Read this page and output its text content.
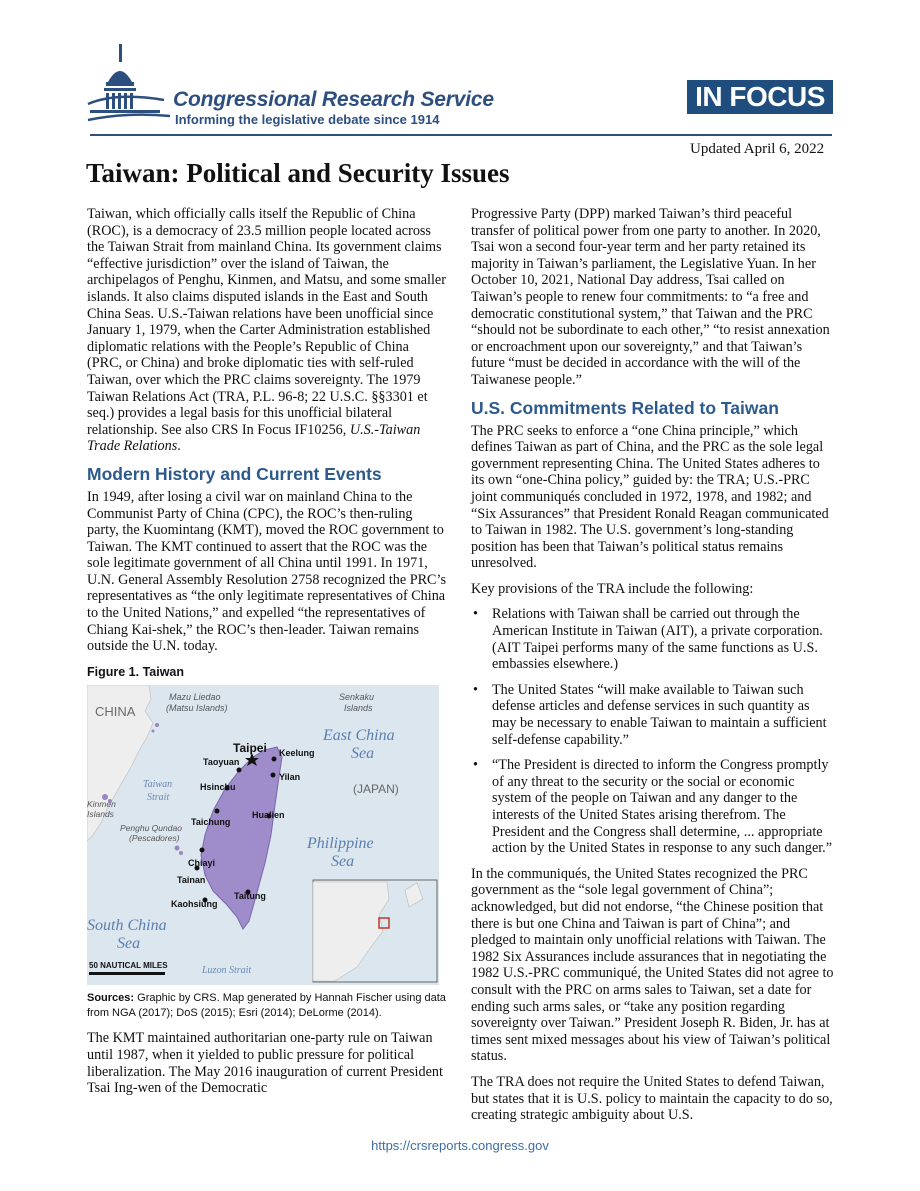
Congressional Research Service
Informing the legislative debate since 1914
IN FOCUS
Updated April 6, 2022
Taiwan: Political and Security Issues

Taiwan, which officially calls itself the Republic of China (ROC), is a democracy of 23.5 million people located across the Taiwan Strait from mainland China. Its government claims “effective jurisdiction” over the island of Taiwan, the archipelagos of Penghu, Kinmen, and Matsu, and some smaller islands. It also claims disputed islands in the East and South China Seas. U.S.-Taiwan relations have been unofficial since January 1, 1979, when the Carter Administration established diplomatic relations with the People’s Republic of China (PRC, or China) and broke diplomatic ties with self-ruled Taiwan, over which the PRC claims sovereignty. The 1979 Taiwan Relations Act (TRA, P.L. 96-8; 22 U.S.C. §§3301 et seq.) provides a legal basis for this unofficial bilateral relationship. See also CRS In Focus IF10256, U.S.-Taiwan Trade Relations.

Modern History and Current Events

In 1949, after losing a civil war on mainland China to the Communist Party of China (CPC), the ROC’s then-ruling party, the Kuomintang (KMT), moved the ROC government to Taiwan. The KMT continued to assert that the ROC was the sole legitimate government of all China until 1991. In 1971, U.N. General Assembly Resolution 2758 recognized the PRC’s representatives as “the only legitimate representatives of China to the United Nations,” and expelled “the representatives of Chiang Kai-shek,” the ROC’s then-leader. Taiwan remains outside the U.N. today.

Figure 1. Taiwan
CHINA
Mazu Liedao
(Matsu Islands)
Senkaku
Islands
East China
Sea
(JAPAN)
Taipei Keelung
Taoyuan
Yilan
Hsinchu
Taiwan
Strait
Kinmen
Islands	Hualien
Taichung
Penghu Qundao
(Pescadores)	Philippine
Sea
Chiayi
Tainan
Taitung
Kaohsiung
South China
Sea
50 NAUTICAL MILES	Luzon Strait
Sources: Graphic by CRS. Map generated by Hannah Fischer using data from NGA (2017); DoS (2015); Esri (2014); DeLorme (2014).

The KMT maintained authoritarian one-party rule on Taiwan until 1987, when it yielded to public pressure for political liberalization. The May 2016 inauguration of current President Tsai Ing-wen of the Democratic

Progressive Party (DPP) marked Taiwan’s third peaceful transfer of political power from one party to another. In 2020, Tsai won a second four-year term and her party retained its majority in Taiwan’s parliament, the Legislative Yuan. In her October 10, 2021, National Day address, Tsai called on Taiwan’s people to renew four commitments: to “a free and democratic constitutional system,” that Taiwan and the PRC “should not be subordinate to each other,” “to resist annexation or encroachment upon our sovereignty,” and that Taiwan’s future “must be decided in accordance with the will of the Taiwanese people.”

U.S. Commitments Related to Taiwan

The PRC seeks to enforce a “one China principle,” which defines Taiwan as part of China, and the PRC as the sole legal government representing China. The United States adheres to its own “one-China policy,” guided by: the TRA; U.S.-PRC joint communiqués concluded in 1972, 1978, and 1982; and “Six Assurances” that President Ronald Reagan communicated to Taiwan in 1982. The U.S. government’s long-standing position has been that Taiwan’s political status remains unresolved.

Key provisions of the TRA include the following:

• Relations with Taiwan shall be carried out through the American Institute in Taiwan (AIT), a private corporation. (AIT Taipei performs many of the same functions as U.S. embassies elsewhere.)
• The United States “will make available to Taiwan such defense articles and defense services in such quantity as may be necessary to enable Taiwan to maintain a sufficient self-defense capability.”
• “The President is directed to inform the Congress promptly of any threat to the security or the social or economic system of the people on Taiwan and any danger to the interests of the United States arising therefrom. The President and the Congress shall determine, ... appropriate action by the United States in response to any such danger.”

In the communiqués, the United States recognized the PRC government as the “sole legal government of China”; acknowledged, but did not endorse, “the Chinese position that there is but one China and Taiwan is part of China”; and pledged to maintain only unofficial relations with Taiwan. The 1982 Six Assurances include assurances that in negotiating the 1982 U.S.-PRC communiqué, the United States did not agree to consult with the PRC on arms sales to Taiwan, set a date for ending such arms sales, or “take any position regarding sovereignty over Taiwan.” President Joseph R. Biden, Jr. has at times sent mixed messages about his view of Taiwan’s political status.

The TRA does not require the United States to defend Taiwan, but states that it is U.S. policy to maintain the capacity to do so, creating strategic ambiguity about U.S.

https://crsreports.congress.gov
